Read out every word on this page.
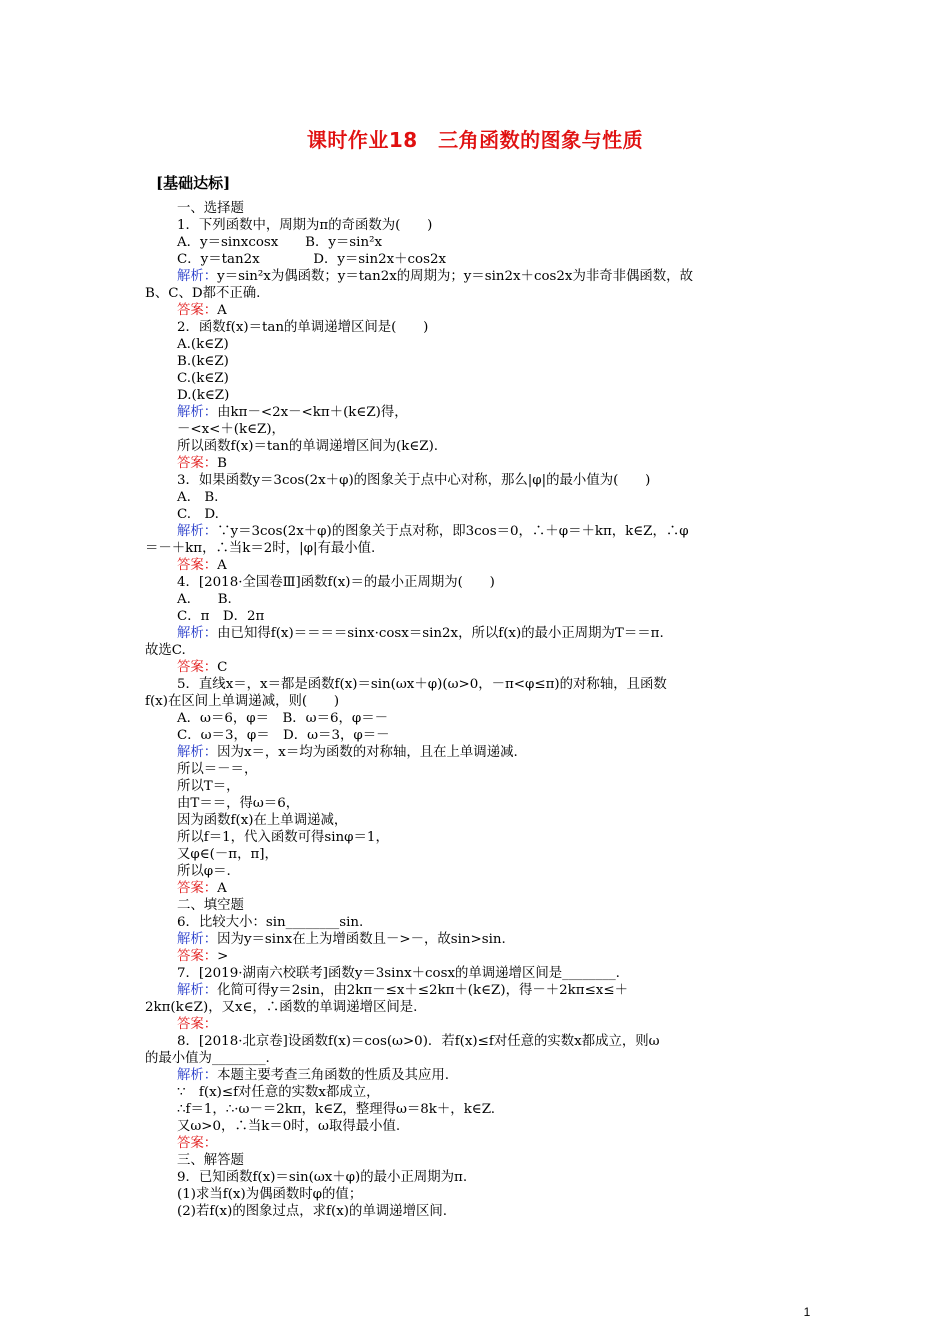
课时作业18　三角函数的图象与性质
[基础达标]
一、选择题
1．下列函数中，周期为π的奇函数为(　　)
A．y＝sinxcosx　　B．y＝sin²x
C．y＝tan2x　　　　D．y＝sin2x＋cos2x
解析：y＝sin²x为偶函数；y＝tan2x的周期为；y＝sin2x＋cos2x为非奇非偶函数，故
B、C、D都不正确.
答案：A
2．函数f(x)＝tan的单调递增区间是(　　)
A.(k∈Z)
B.(k∈Z)
C.(k∈Z)
D.(k∈Z)
解析：由kπ－<2x－<kπ＋(k∈Z)得，
－<x<＋(k∈Z)，
所以函数f(x)＝tan的单调递增区间为(k∈Z).
答案：B
3．如果函数y＝3cos(2x＋φ)的图象关于点中心对称，那么|φ|的最小值为(　　)
A.　B.
C.　D.
解析：∵y＝3cos(2x＋φ)的图象关于点对称，即3cos＝0，∴＋φ＝＋kπ，k∈Z，∴φ
＝－＋kπ，∴当k＝2时，|φ|有最小值.
答案：A
4．[2018·全国卷Ⅲ]函数f(x)＝的最小正周期为(　　)
A.　　B.
C．π　D．2π
解析：由已知得f(x)＝＝＝＝sinx·cosx＝sin2x，所以f(x)的最小正周期为T＝＝π.
故选C.
答案：C
5．直线x＝，x＝都是函数f(x)＝sin(ωx＋φ)(ω>0，－π<φ≤π)的对称轴，且函数
f(x)在区间上单调递减，则(　　)
A．ω＝6，φ＝　B．ω＝6，φ＝－
C．ω＝3，φ＝　D．ω＝3，φ＝－
解析：因为x＝，x＝均为函数的对称轴，且在上单调递减.
所以＝－＝，
所以T＝，
由T＝＝，得ω＝6，
因为函数f(x)在上单调递减，
所以f＝1，代入函数可得sinφ＝1，
又φ∈(－π，π]，
所以φ＝.
答案：A
二、填空题
6．比较大小：sin________sin.
解析：因为y＝sinx在上为增函数且－>－，故sin>sin.
答案：>
7．[2019·湖南六校联考]函数y＝3sinx＋cosx的单调递增区间是________.
解析：化简可得y＝2sin，由2kπ－≤x＋≤2kπ＋(k∈Z)，得－＋2kπ≤x≤＋
2kπ(k∈Z)，又x∈，∴函数的单调递增区间是.
答案：
8．[2018·北京卷]设函数f(x)＝cos(ω>0)．若f(x)≤f对任意的实数x都成立，则ω
的最小值为________.
解析：本题主要考查三角函数的性质及其应用.
∵　f(x)≤f对任意的实数x都成立，
∴f＝1，∴·ω－＝2kπ，k∈Z，整理得ω＝8k＋，k∈Z.
又ω>0，∴当k＝0时，ω取得最小值.
答案：
三、解答题
9．已知函数f(x)＝sin(ωx＋φ)的最小正周期为π.
(1)求当f(x)为偶函数时φ的值；
(2)若f(x)的图象过点，求f(x)的单调递增区间.
1
